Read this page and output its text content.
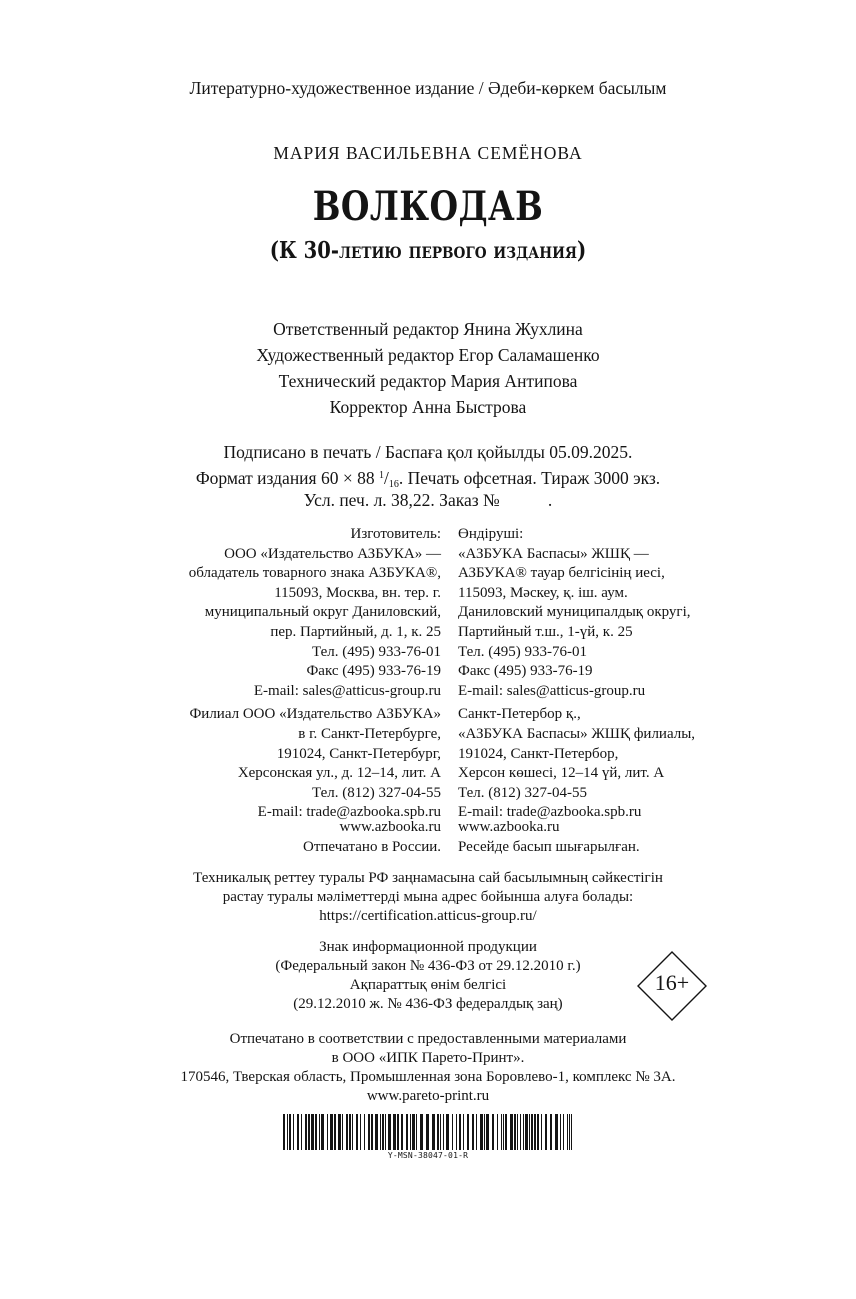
Литературно-художественное издание / Әдеби-көркем басылым
МАРИЯ ВАСИЛЬЕВНА СЕМЁНОВА
ВОЛКОДАВ
(К 30-летию первого издания)
Ответственный редактор Янина Жухлина
Художественный редактор Егор Саламашенко
Технический редактор Мария Антипова
Корректор Анна Быстрова
Подписано в печать / Баспаға қол қойылды 05.09.2025.
Формат издания 60 × 88 $^1/_{16}$. Печать офсетная. Тираж 3000 экз.
Усл. печ. л. 38,22. Заказ №           .
Изготовитель:
ООО «Издательство АЗБУКА» —
обладатель товарного знака АЗБУКА®,
115093, Москва, вн. тер. г.
муниципальный округ Даниловский,
пер. Партийный, д. 1, к. 25
Тел. (495) 933-76-01
Факс (495) 933-76-19
E-mail: sales@atticus-group.ru
Филиал ООО «Издательство АЗБУКА»
в г. Санкт-Петербурге,
191024, Санкт-Петербург,
Херсонская ул., д. 12–14, лит. А
Тел. (812) 327-04-55
E-mail: trade@azbooka.spb.ru
Өндіруші:
«АЗБУКА Баспасы» ЖШҚ —
АЗБУКА® тауар белгісінің иесі,
115093, Мәскеу, қ. іш. аум.
Даниловский муниципалдық округі,
Партийный т.ш., 1-үй, к. 25
Тел. (495) 933-76-01
Факс (495) 933-76-19
E-mail: sales@atticus-group.ru
Санкт-Петербор қ.,
«АЗБУКА Баспасы» ЖШҚ филиалы,
191024, Санкт-Петербор,
Херсон көшесі, 12–14 үй, лит. А
Тел. (812) 327-04-55
E-mail: trade@azbooka.spb.ru
www.azbooka.ru
Отпечатано в России.
www.azbooka.ru
Ресейде басып шығарылған.
Техникалық реттеу туралы РФ заңнамасына сай басылымның сәйкестігін
растау туралы мәліметтерді мына адрес бойынша алуға болады:
https://certification.atticus-group.ru/
Знак информационной продукции
(Федеральный закон № 436-ФЗ от 29.12.2010 г.)
Ақпараттық өнім белгісі
(29.12.2010 ж. № 436-ФЗ федералдық заң)
16+
Отпечатано в соответствии с предоставленными материалами
в ООО «ИПК Парето-Принт».
170546, Тверская область, Промышленная зона Боровлево-1, комплекс № 3А.
www.pareto-print.ru
Y-MSN-38047-01-R
